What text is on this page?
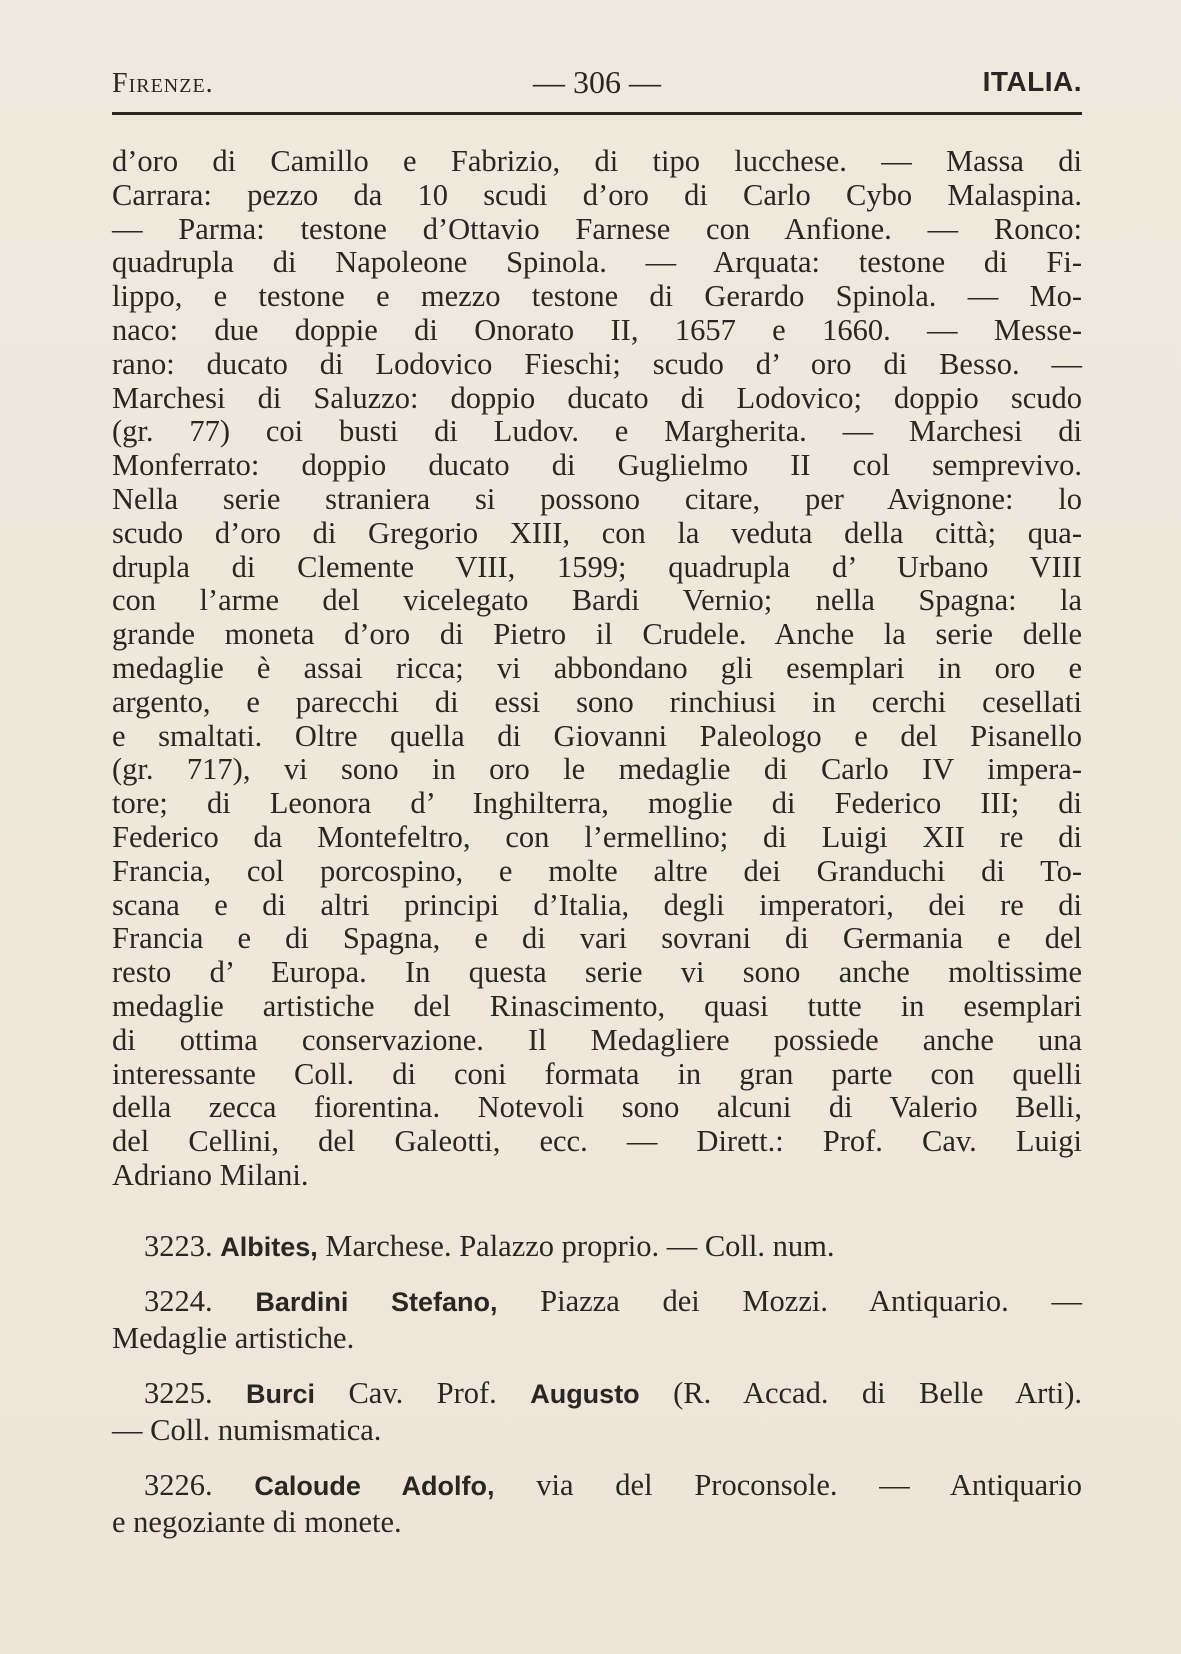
Firenze.	— 306 —	ITALIA.
d’oro di Camillo e Fabrizio, di tipo lucchese. — Massa di
Carrara: pezzo da 10 scudi d’oro di Carlo Cybo Malaspina.
— Parma: testone d’Ottavio Farnese con Anfione. — Ronco:
quadrupla di Napoleone Spinola. — Arquata: testone di Fi-
lippo, e testone e mezzo testone di Gerardo Spinola. — Mo-
naco: due doppie di Onorato II, 1657 e 1660. — Messe-
rano: ducato di Lodovico Fieschi; scudo d’ oro di Besso. —
Marchesi di Saluzzo: doppio ducato di Lodovico; doppio scudo
(gr. 77) coi busti di Ludov. e Margherita. — Marchesi di
Monferrato: doppio ducato di Guglielmo II col semprevivo.
Nella serie straniera si possono citare, per Avignone: lo
scudo d’oro di Gregorio XIII, con la veduta della città; qua-
drupla di Clemente VIII, 1599; quadrupla d’ Urbano VIII
con l’arme del vicelegato Bardi Vernio; nella Spagna: la
grande moneta d’oro di Pietro il Crudele. Anche la serie delle
medaglie è assai ricca; vi abbondano gli esemplari in oro e
argento, e parecchi di essi sono rinchiusi in cerchi cesellati
e smaltati. Oltre quella di Giovanni Paleologo e del Pisanello
(gr. 717), vi sono in oro le medaglie di Carlo IV impera-
tore; di Leonora d’ Inghilterra, moglie di Federico III; di
Federico da Montefeltro, con l’ermellino; di Luigi XII re di
Francia, col porcospino, e molte altre dei Granduchi di To-
scana e di altri principi d’Italia, degli imperatori, dei re di
Francia e di Spagna, e di vari sovrani di Germania e del
resto d’ Europa. In questa serie vi sono anche moltissime
medaglie artistiche del Rinascimento, quasi tutte in esemplari
di ottima conservazione. Il Medagliere possiede anche una
interessante Coll. di coni formata in gran parte con quelli
della zecca fiorentina. Notevoli sono alcuni di Valerio Belli,
del Cellini, del Galeotti, ecc. — Dirett.: Prof. Cav. Luigi
Adriano Milani.
3223. Albites, Marchese. Palazzo proprio. — Coll. num.
3224. Bardini Stefano, Piazza dei Mozzi. Antiquario. —
Medaglie artistiche.
3225. Burci Cav. Prof. Augusto (R. Accad. di Belle Arti).
— Coll. numismatica.
3226. Caloude Adolfo, via del Proconsole. — Antiquario
e negoziante di monete.
